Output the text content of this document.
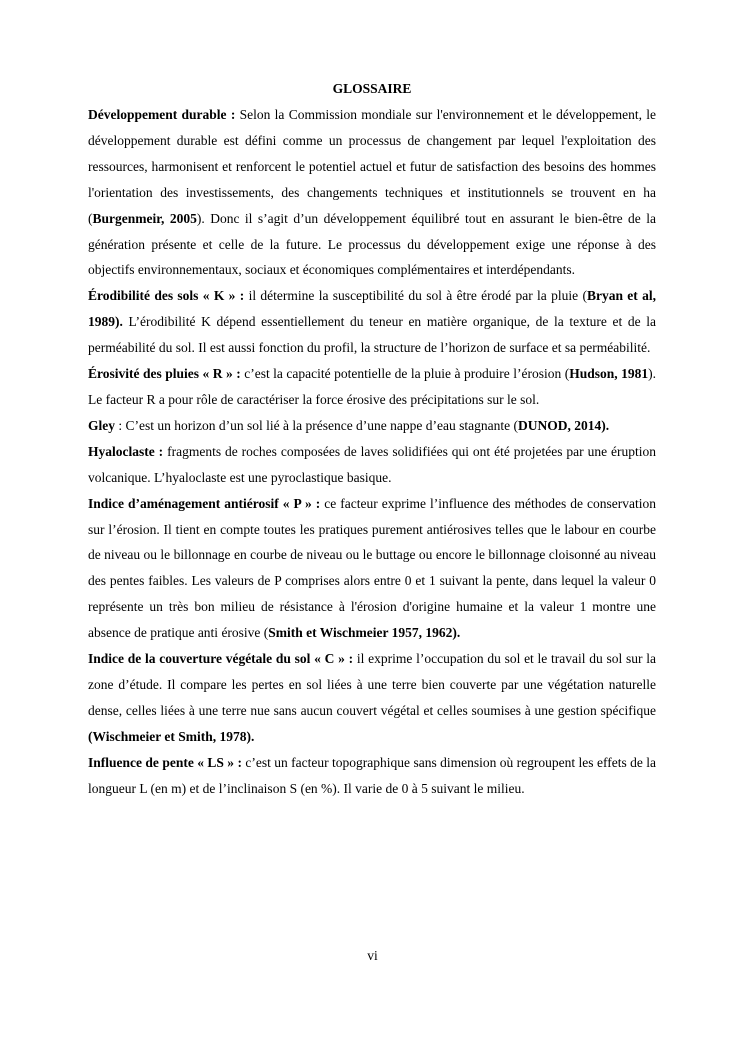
GLOSSAIRE

Développement durable : Selon la Commission mondiale sur l'environnement et le développement, le développement durable est défini comme un processus de changement par lequel l'exploitation des ressources, harmonisent et renforcent le potentiel actuel et futur de satisfaction des besoins des hommes l'orientation des investissements, des changements techniques et institutionnels se trouvent en ha (Burgenmeir, 2005). Donc il s’agit d’un développement équilibré tout en assurant le bien-être de la génération présente et celle de la future. Le processus du développement exige une réponse à des objectifs environnementaux, sociaux et économiques complémentaires et interdépendants.

Érodibilité des sols « K » : il détermine la susceptibilité du sol à être érodé par la pluie (Bryan et al, 1989). L’érodibilité K dépend essentiellement du teneur en matière organique, de la texture et de la perméabilité du sol. Il est aussi fonction du profil, la structure de l’horizon de surface et sa perméabilité.

Érosivité des pluies « R » : c’est la capacité potentielle de la pluie à produire l’érosion (Hudson, 1981). Le facteur R a pour rôle de caractériser la force érosive des précipitations sur le sol.

Gley : C’est un horizon d’un sol lié à la présence d’une nappe d’eau stagnante (DUNOD, 2014).

Hyaloclaste : fragments de roches composées de laves solidifiées qui ont été projetées par une éruption volcanique. L’hyaloclaste est une pyroclastique basique.

Indice d’aménagement antiérosif « P » : ce facteur exprime l’influence des méthodes de conservation sur l’érosion. Il tient en compte toutes les pratiques purement antiérosives telles que le labour en courbe de niveau ou le billonnage en courbe de niveau ou le buttage ou encore le billonnage cloisonné au niveau des pentes faibles. Les valeurs de P comprises alors entre 0 et 1 suivant la pente, dans lequel la valeur 0 représente un très bon milieu de résistance à l'érosion d'origine humaine et la valeur 1 montre une absence de pratique anti érosive (Smith et Wischmeier 1957, 1962).

Indice de la couverture végétale du sol « C » : il exprime l’occupation du sol et le travail du sol sur la zone d’étude. Il compare les pertes en sol liées à une terre bien couverte par une végétation naturelle dense, celles liées à une terre nue sans aucun couvert végétal et celles soumises à une gestion spécifique (Wischmeier et Smith, 1978).

Influence de pente « LS » : c’est un facteur topographique sans dimension où regroupent les effets de la longueur L (en m) et de l’inclinaison S (en %). Il varie de 0 à 5 suivant le milieu.

vi
